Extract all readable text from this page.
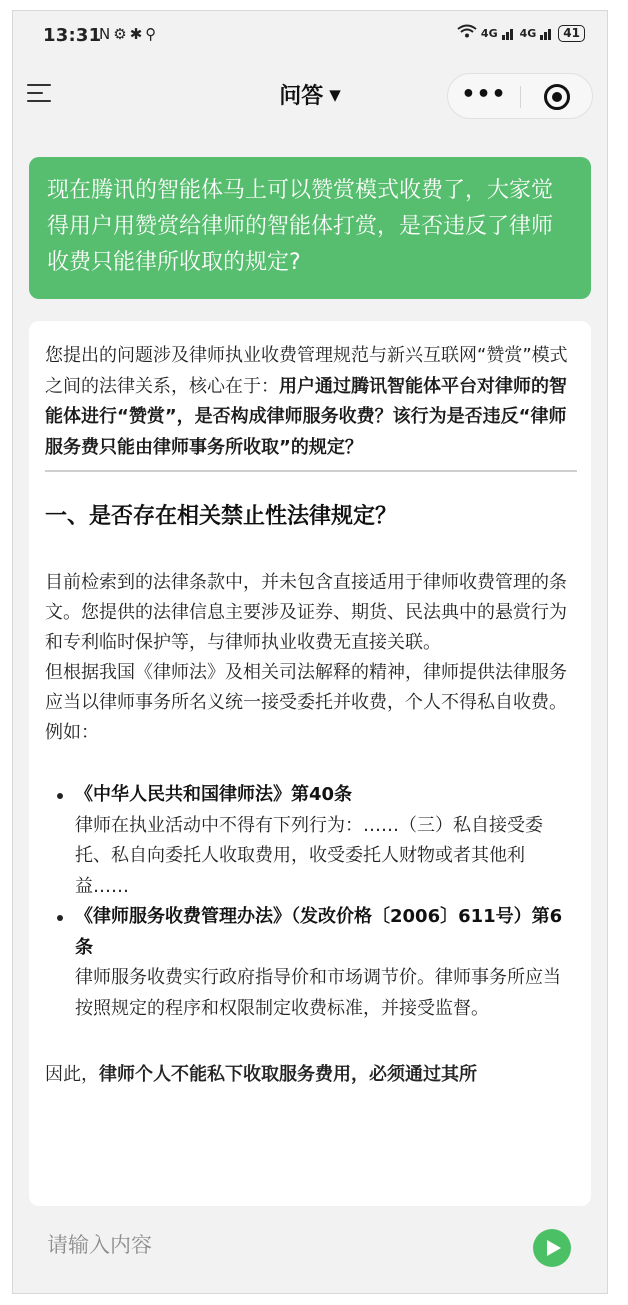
13:31
N ⚙ ✱ ⚲	4G 4G	41
问答 ▼	•••
现在腾讯的智能体马上可以赞赏模式收费了，大家觉得用户用赞赏给律师的智能体打赏，是否违反了律师收费只能律所收取的规定?

您提出的问题涉及律师执业收费管理规范与新兴互联网“赞赏”模式之间的法律关系，核心在于：用户通过腾讯智能体平台对律师的智能体进行“赞赏”，是否构成律师服务收费？该行为是否违反“律师服务费只能由律师事务所收取”的规定？

一、是否存在相关禁止性法律规定？

目前检索到的法律条款中，并未包含直接适用于律师收费管理的条文。您提供的法律信息主要涉及证券、期货、民法典中的悬赏行为和专利临时保护等，与律师执业收费无直接关联。

但根据我国《律师法》及相关司法解释的精神，律师提供法律服务应当以律师事务所名义统一接受委托并收费，个人不得私自收费。例如：

《中华人民共和国律师法》第40条
律师在执业活动中不得有下列行为：……（三）私自接受委托、私自向委托人收取费用，收受委托人财物或者其他利益……
《律师服务收费管理办法》（发改价格〔2006〕611号）第6条
律师服务收费实行政府指导价和市场调节价。律师事务所应当按照规定的程序和权限制定收费标准，并接受监督。

因此，律师个人不能私下收取服务费用，必须通过其所

请输入内容
